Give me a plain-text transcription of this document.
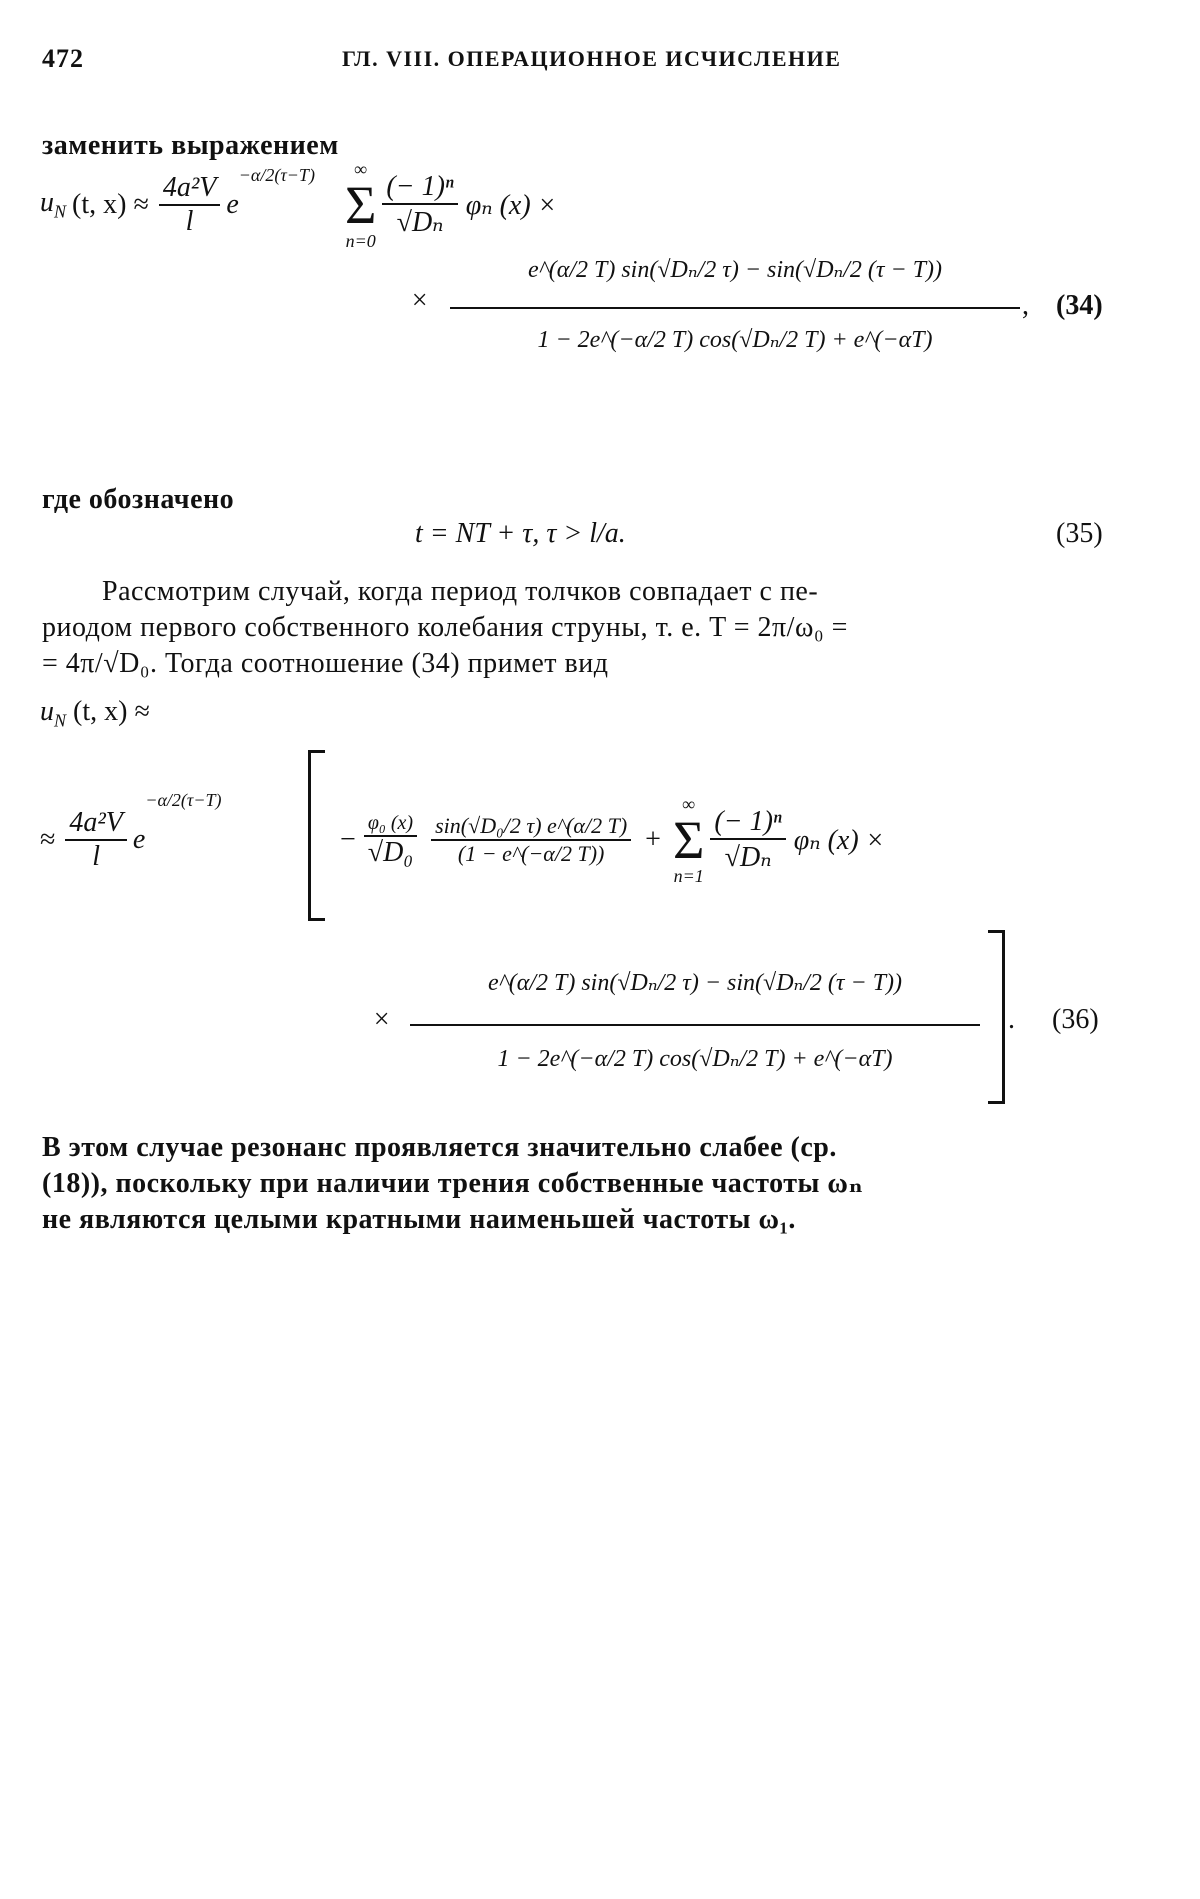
472	ГЛ. VIII. ОПЕРАЦИОННОЕ ИСЧИСЛЕНИЕ
заменить выражением
$u_N$ (t, $x) \approx \frac{\text{4a²V}}{l}$ e
−α/2(τ−T) ∞
Σ
n=0
$\frac{\text{(− 1)ⁿ}}{\text{√Dₙ}}$ φₙ (x) ×
×
e^(α/2 T) sin(√Dₙ/2 τ) − sin(√Dₙ/2 (τ − T))
1 − 2e^(−α/2 T) cos(√Dₙ/2 T) + e^(−αT)
, (34)
где обозначено
t = NT + τ, τ > l/a.	(35)
Рассмотрим случай, когда период толчков совпадает с пе-
риодом первого собственного колебания струны, т. е. T = 2π/ω₀ =
= 4π/√D₀. Тогда соотношение (34) примет вид
$u_N$ (t, x) ≈
≈ $\frac{\text{4a²V}}{l}$ e
−α/2(τ−T)
− $\frac{\text{φ₀ (x)}}{\text{√D₀}} \frac{\text{sin(√D₀/2 τ) e\textasciicircum{}(α/2 T)}}{(1 - e\^{}(-\alpha/2 T))}$ +
∞
Σ
n=1
$\frac{\text{(− 1)ⁿ}}{\text{√Dₙ}}$ φₙ (x) ×
×
e^(α/2 T) sin(√Dₙ/2 τ) − sin(√Dₙ/2 (τ − T))
1 − 2e^(−α/2 T) cos(√Dₙ/2 T) + e^(−αT)
. (36)
В этом случае резонанс проявляется значительно слабее (ср.
(18)), поскольку при наличии трения собственные частоты ωₙ
не являются целыми кратными наименьшей частоты ω₁.
